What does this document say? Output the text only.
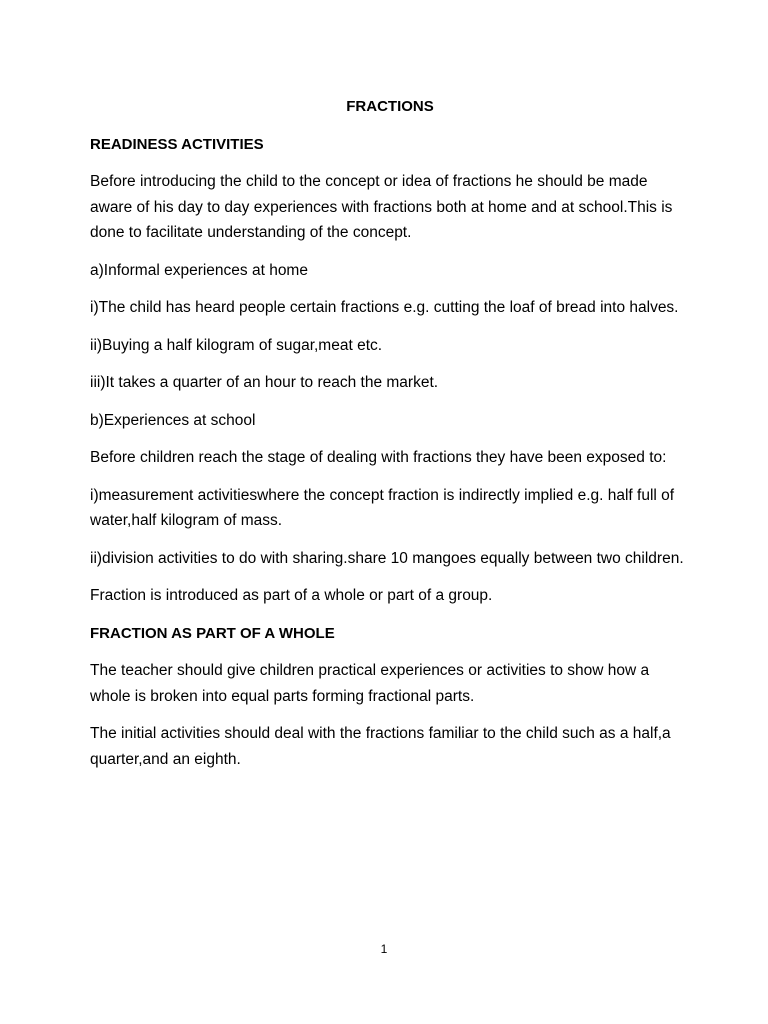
FRACTIONS
READINESS ACTIVITIES

Before introducing the child to the concept or idea of fractions he should be made aware of his day to day experiences with fractions both at home and at school.This is done to facilitate understanding of the concept.

a)Informal experiences at home

i)The child has heard people certain fractions e.g. cutting the loaf of bread into halves.

ii)Buying a half kilogram of sugar,meat etc.

iii)It takes a quarter of an hour to reach the market.

b)Experiences at school

Before children reach the stage of dealing with fractions they have been exposed to:

i)measurement activitieswhere the concept fraction is indirectly implied e.g. half full of water,half kilogram of mass.

ii)division activities to do with sharing.share 10 mangoes equally between two children.

Fraction is introduced as part of a whole or part of a group.

FRACTION AS PART OF A WHOLE

The teacher should give children practical experiences or activities to show how a whole is broken into equal parts forming fractional parts.

The initial activities should deal with the fractions familiar to the child such as a half,a quarter,and an eighth.

1
